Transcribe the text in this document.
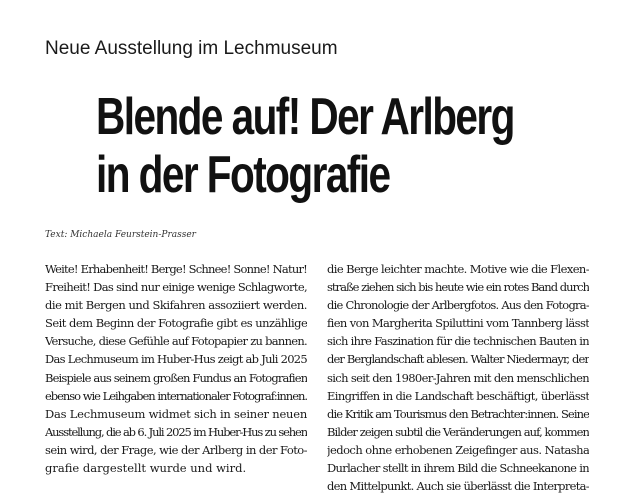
Neue Ausstellung im Lechmuseum
Blende auf! Der Arlberg
in der Fotografie
Text: Michaela Feurstein-Prasser
Weite! Erhabenheit! Berge! Schnee! Sonne! Natur!
Freiheit! Das sind nur einige wenige Schlagworte,
die mit Bergen und Skifahren assoziiert werden.
Seit dem Beginn der Fotografie gibt es unzählige
Versuche, diese Gefühle auf Fotopapier zu bannen.
Das Lechmuseum im Huber-Hus zeigt ab Juli 2025
Beispiele aus seinem großen Fundus an Fotografien
ebenso wie Leihgaben internationaler Fotograf:innen.
Das Lechmuseum widmet sich in seiner neuen
Ausstellung, die ab 6. Juli 2025 im Huber-Hus zu sehen
sein wird, der Frage, wie der Arlberg in der Foto-
grafie dargestellt wurde und wird.
die Berge leichter machte. Motive wie die Flexen-
straße ziehen sich bis heute wie ein rotes Band durch
die Chronologie der Arlbergfotos. Aus den Fotogra-
fien von Margherita Spiluttini vom Tannberg lässt
sich ihre Faszination für die technischen Bauten in
der Berglandschaft ablesen. Walter Niedermayr, der
sich seit den 1980er-Jahren mit den menschlichen
Eingriffen in die Landschaft beschäftigt, überlässt
die Kritik am Tourismus den Betrachter:innen. Seine
Bilder zeigen subtil die Veränderungen auf, kommen
jedoch ohne erhobenen Zeigefinger aus. Natasha
Durlacher stellt in ihrem Bild die Schneekanone in
den Mittelpunkt. Auch sie überlässt die Interpreta-
